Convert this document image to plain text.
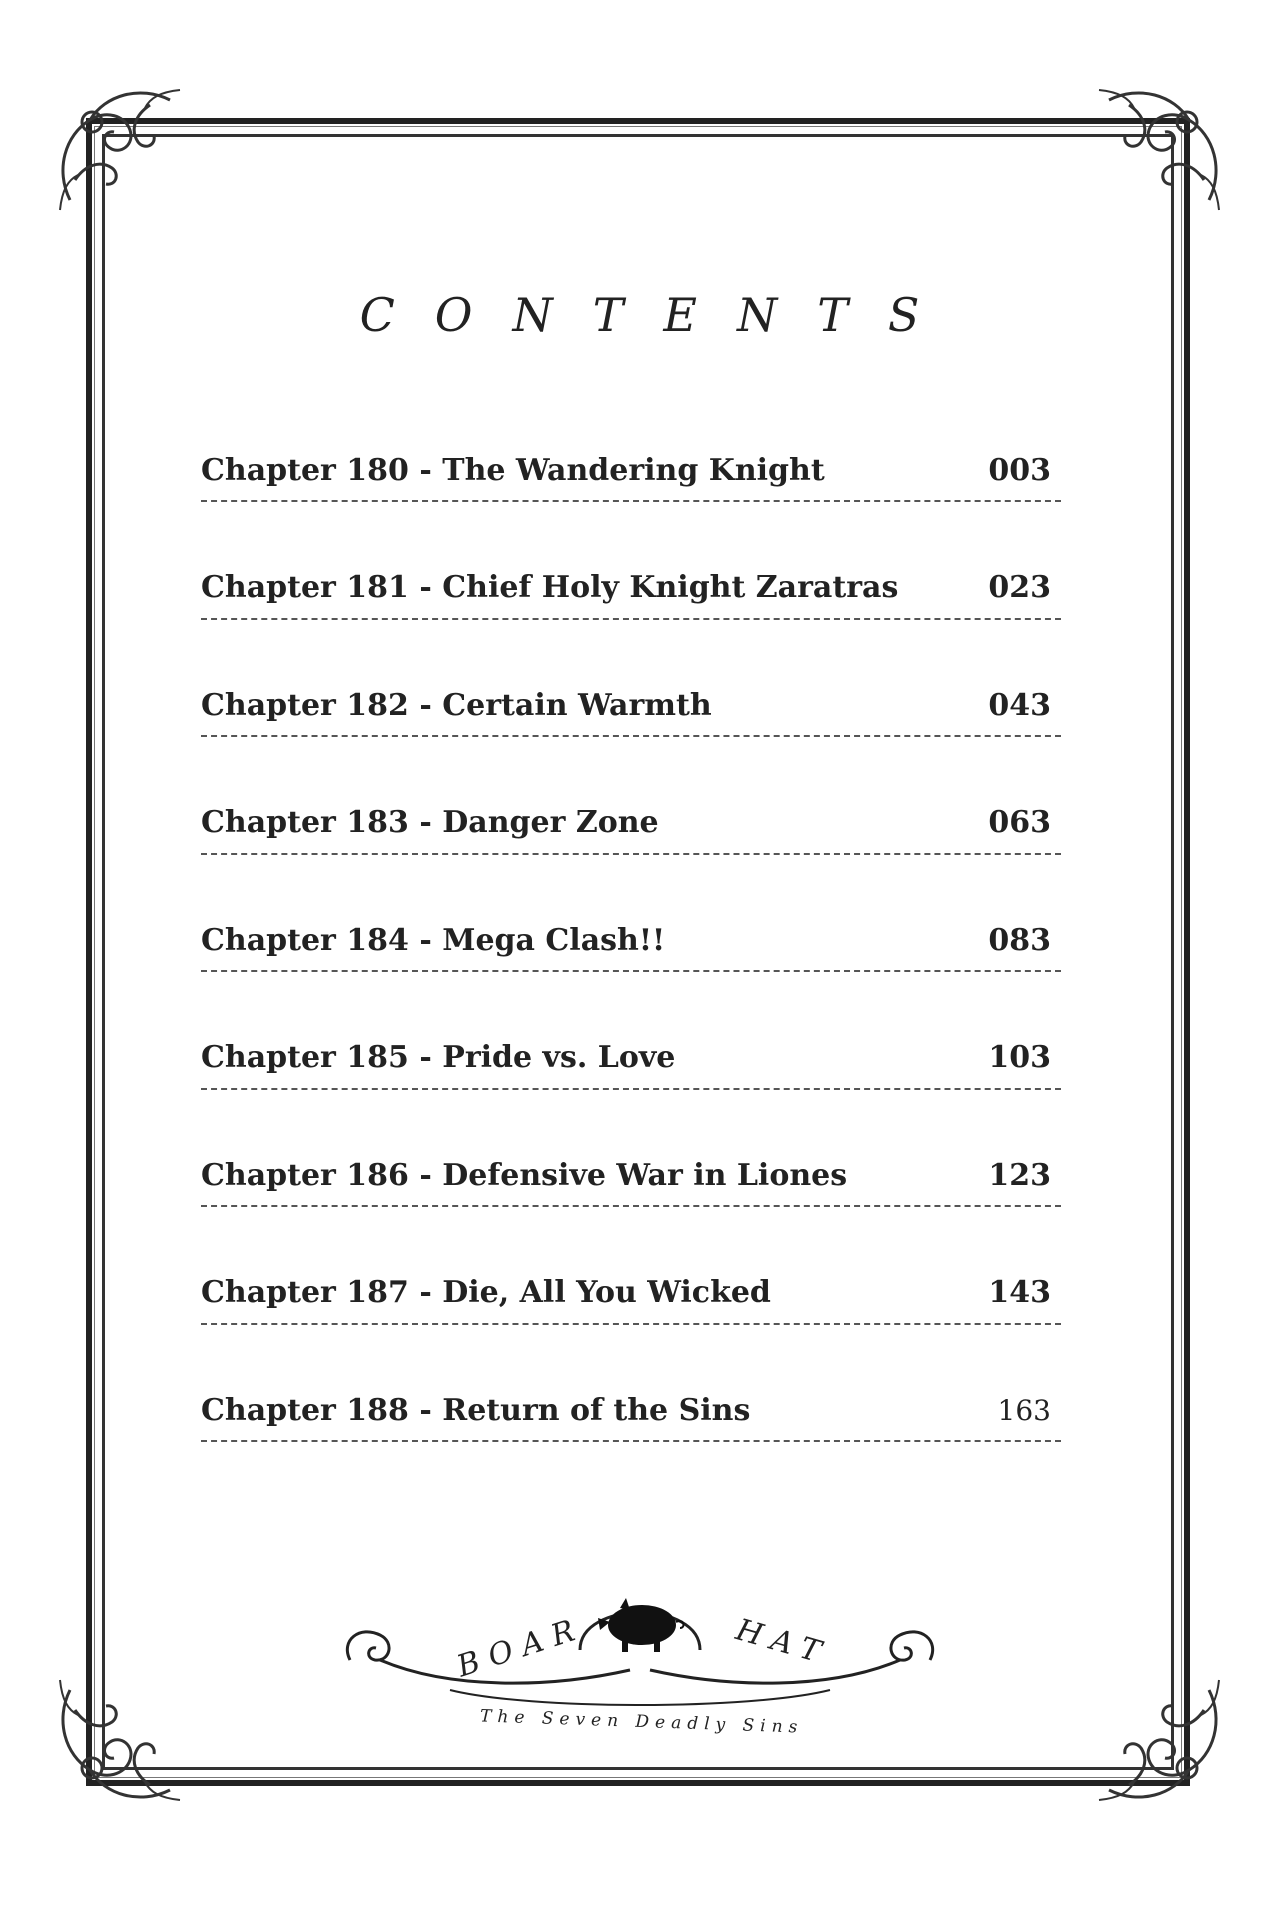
CONTENTS
Chapter 180 - The Wandering Knight	003
Chapter 181 - Chief Holy Knight Zaratras	023
Chapter 182 - Certain Warmth	043
Chapter 183 - Danger Zone	063
Chapter 184 - Mega Clash!!	083
Chapter 185 - Pride vs. Love	103
Chapter 186 - Defensive War in Liones	123
Chapter 187 - Die, All You Wicked	143
Chapter 188 - Return of the Sins	163
BOAR	HAT
The Seven Deadly Sins
